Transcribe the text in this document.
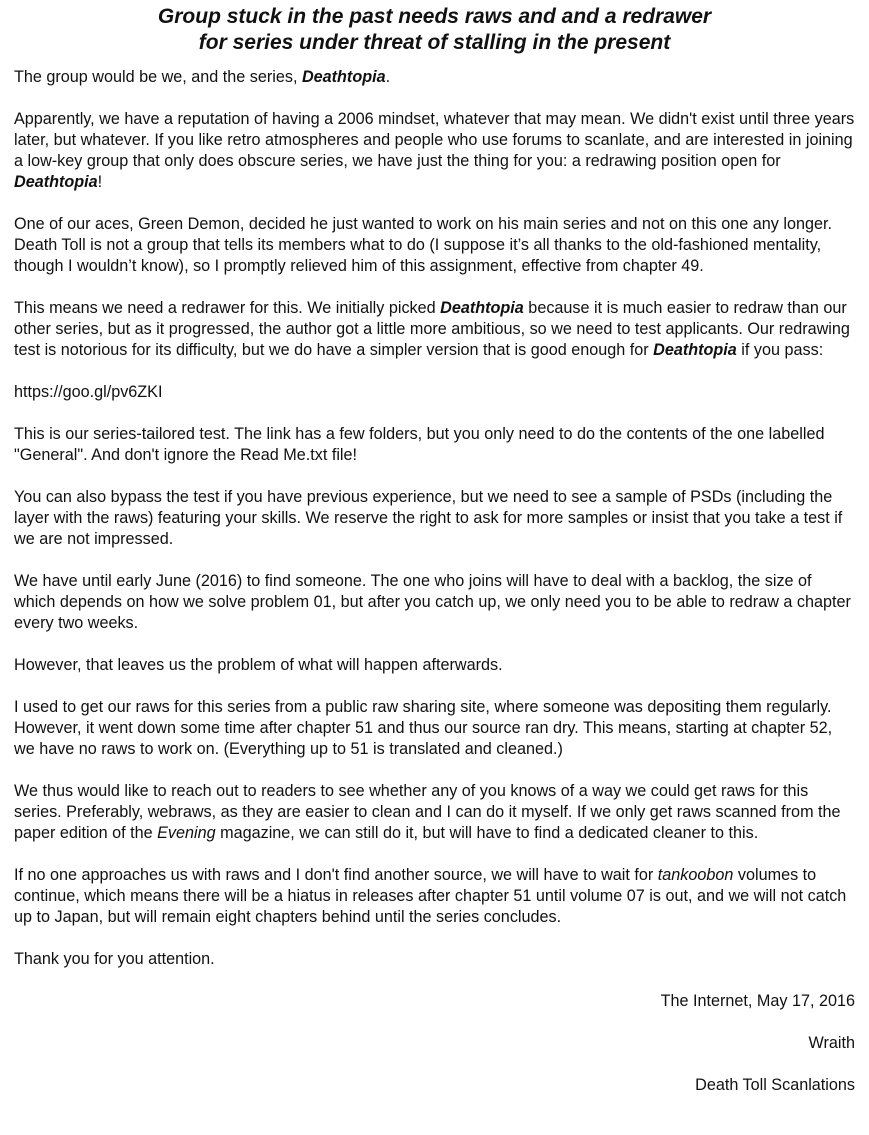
Group stuck in the past needs raws and and a redrawer
for series under threat of stalling in the present

The group would be we, and the series, Deathtopia.

Apparently, we have a reputation of having a 2006 mindset, whatever that may mean. We didn't exist until three years later, but whatever. If you like retro atmospheres and people who use forums to scanlate, and are interested in joining a low-key group that only does obscure series, we have just the thing for you: a redrawing position open for Deathtopia!

One of our aces, Green Demon, decided he just wanted to work on his main series and not on this one any longer. Death Toll is not a group that tells its members what to do (I suppose it’s all thanks to the old-fashioned mentality, though I wouldn’t know), so I promptly relieved him of this assignment, effective from chapter 49.

This means we need a redrawer for this. We initially picked Deathtopia because it is much easier to redraw than our other series, but as it progressed, the author got a little more ambitious, so we need to test applicants. Our redrawing test is notorious for its difficulty, but we do have a simpler version that is good enough for Deathtopia if you pass:

https://goo.gl/pv6ZKI

This is our series-tailored test. The link has a few folders, but you only need to do the contents of the one labelled "General". And don't ignore the Read Me.txt file!

You can also bypass the test if you have previous experience, but we need to see a sample of PSDs (including the layer with the raws) featuring your skills. We reserve the right to ask for more samples or insist that you take a test if we are not impressed.

We have until early June (2016) to find someone. The one who joins will have to deal with a backlog, the size of which depends on how we solve problem 01, but after you catch up, we only need you to be able to redraw a chapter every two weeks.

However, that leaves us the problem of what will happen afterwards.

I used to get our raws for this series from a public raw sharing site, where someone was depositing them regularly. However, it went down some time after chapter 51 and thus our source ran dry. This means, starting at chapter 52, we have no raws to work on. (Everything up to 51 is translated and cleaned.)

We thus would like to reach out to readers to see whether any of you knows of a way we could get raws for this series. Preferably, webraws, as they are easier to clean and I can do it myself. If we only get raws scanned from the paper edition of the Evening magazine, we can still do it, but will have to find a dedicated cleaner to this.

If no one approaches us with raws and I don't find another source, we will have to wait for tankoobon volumes to continue, which means there will be a hiatus in releases after chapter 51 until volume 07 is out, and we will not catch up to Japan, but will remain eight chapters behind until the series concludes.

Thank you for you attention.

The Internet, May 17, 2016
Wraith
Death Toll Scanlations
